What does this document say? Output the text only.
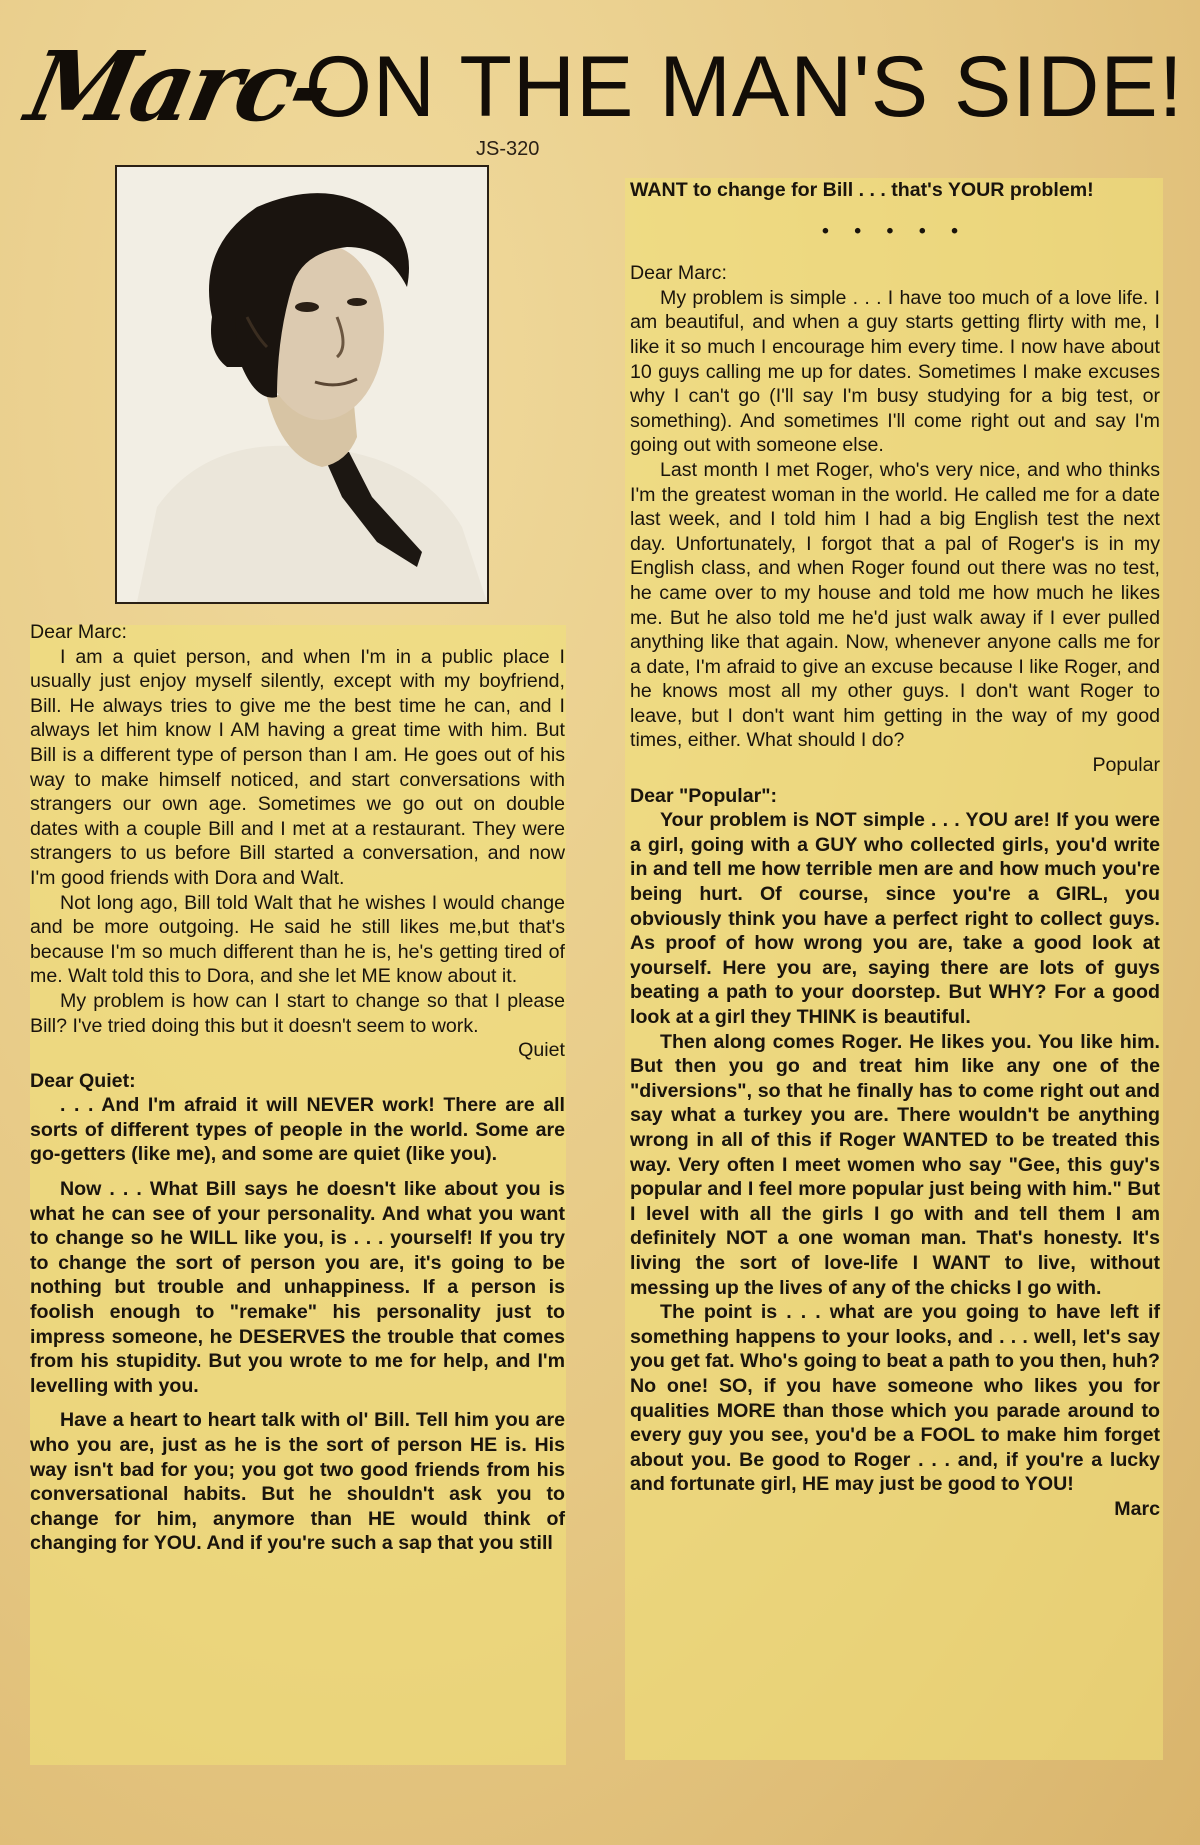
Marc-
ON THE MAN'S SIDE!
JS-320

Dear Marc:

I am a quiet person, and when I'm in a public place I usually just enjoy myself silently, except with my boyfriend, Bill. He always tries to give me the best time he can, and I always let him know I AM having a great time with him. But Bill is a different type of person than I am. He goes out of his way to make himself noticed, and start conversations with strangers our own age. Sometimes we go out on double dates with a couple Bill and I met at a restaurant. They were strangers to us before Bill started a conversation, and now I'm good friends with Dora and Walt.

Not long ago, Bill told Walt that he wishes I would change and be more outgoing. He said he still likes me,but that's because I'm so much different than he is, he's getting tired of me. Walt told this to Dora, and she let ME know about it.

My problem is how can I start to change so that I please Bill? I've tried doing this but it doesn't seem to work.

Quiet

Dear Quiet:

. . . And I'm afraid it will NEVER work! There are all sorts of different types of people in the world. Some are go-getters (like me), and some are quiet (like you).

Now . . . What Bill says he doesn't like about you is what he can see of your personality. And what you want to change so he WILL like you, is . . . yourself! If you try to change the sort of person you are, it's going to be nothing but trouble and unhappiness. If a person is foolish enough to "remake" his personality just to impress someone, he DESERVES the trouble that comes from his stupidity. But you wrote to me for help, and I'm levelling with you.

Have a heart to heart talk with ol' Bill. Tell him you are who you are, just as he is the sort of person HE is. His way isn't bad for you; you got two good friends from his conversational habits. But he shouldn't ask you to change for him, anymore than HE would think of changing for YOU. And if you're such a sap that you still

WANT to change for Bill . . . that's YOUR problem!

• • • • •

Dear Marc:

My problem is simple . . . I have too much of a love life. I am beautiful, and when a guy starts getting flirty with me, I like it so much I encourage him every time. I now have about 10 guys calling me up for dates. Sometimes I make excuses why I can't go (I'll say I'm busy studying for a big test, or something). And sometimes I'll come right out and say I'm going out with someone else.

Last month I met Roger, who's very nice, and who thinks I'm the greatest woman in the world. He called me for a date last week, and I told him I had a big English test the next day. Unfortunately, I forgot that a pal of Roger's is in my English class, and when Roger found out there was no test, he came over to my house and told me how much he likes me. But he also told me he'd just walk away if I ever pulled anything like that again. Now, whenever anyone calls me for a date, I'm afraid to give an excuse because I like Roger, and he knows most all my other guys. I don't want Roger to leave, but I don't want him getting in the way of my good times, either. What should I do?

Popular

Dear "Popular":

Your problem is NOT simple . . . YOU are! If you were a girl, going with a GUY who collected girls, you'd write in and tell me how terrible men are and how much you're being hurt. Of course, since you're a GIRL, you obviously think you have a perfect right to collect guys. As proof of how wrong you are, take a good look at yourself. Here you are, saying there are lots of guys beating a path to your doorstep. But WHY? For a good look at a girl they THINK is beautiful.

Then along comes Roger. He likes you. You like him. But then you go and treat him like any one of the "diversions", so that he finally has to come right out and say what a turkey you are. There wouldn't be anything wrong in all of this if Roger WANTED to be treated this way. Very often I meet women who say "Gee, this guy's popular and I feel more popular just being with him." But I level with all the girls I go with and tell them I am definitely NOT a one woman man. That's honesty. It's living the sort of love-life I WANT to live, without messing up the lives of any of the chicks I go with.

The point is . . . what are you going to have left if something happens to your looks, and . . . well, let's say you get fat. Who's going to beat a path to you then, huh? No one! SO, if you have someone who likes you for qualities MORE than those which you parade around to every guy you see, you'd be a FOOL to make him forget about you. Be good to Roger . . . and, if you're a lucky and fortunate girl, HE may just be good to YOU!

Marc
